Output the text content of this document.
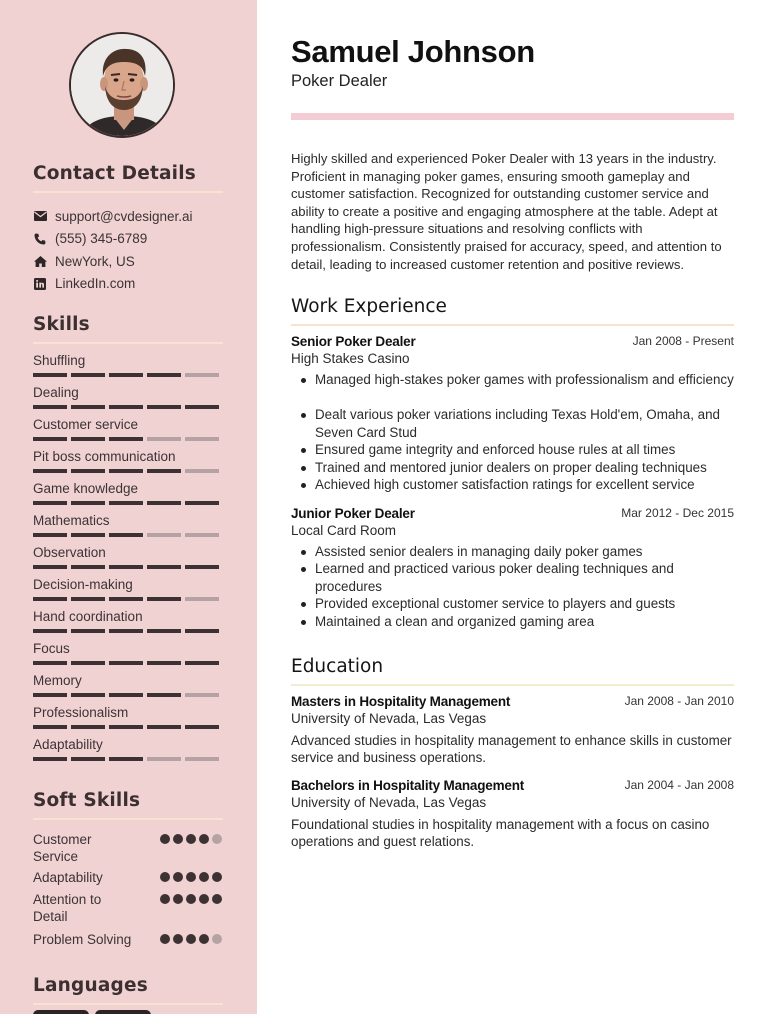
Contact Details
support@cvdesigner.ai
(555) 345-6789
NewYork, US
LinkedIn.com
Skills
Shuffling
Dealing
Customer service
Pit boss communication
Game knowledge
Mathematics
Observation
Decision-making
Hand coordination
Focus
Memory
Professionalism
Adaptability
Soft Skills
Customer Service
Adaptability
Attention to Detail
Problem Solving
Languages
Samuel Johnson
Poker Dealer
Highly skilled and experienced Poker Dealer with 13 years in the industry. Proficient in managing poker games, ensuring smooth gameplay and customer satisfaction. Recognized for outstanding customer service and ability to create a positive and engaging atmosphere at the table. Adept at handling high-pressure situations and resolving conflicts with professionalism. Consistently praised for accuracy, speed, and attention to detail, leading to increased customer retention and positive reviews.
Work Experience
Senior Poker Dealer	Jan 2008 - Present
High Stakes Casino
Managed high-stakes poker games with professionalism and efficiency
Dealt various poker variations including Texas Hold'em, Omaha, and Seven Card Stud
Ensured game integrity and enforced house rules at all times
Trained and mentored junior dealers on proper dealing techniques
Achieved high customer satisfaction ratings for excellent service
Junior Poker Dealer	Mar 2012 - Dec 2015
Local Card Room
Assisted senior dealers in managing daily poker games
Learned and practiced various poker dealing techniques and procedures
Provided exceptional customer service to players and guests
Maintained a clean and organized gaming area
Education
Masters in Hospitality Management	Jan 2008 - Jan 2010
University of Nevada, Las Vegas
Advanced studies in hospitality management to enhance skills in customer service and business operations.
Bachelors in Hospitality Management	Jan 2004 - Jan 2008
University of Nevada, Las Vegas
Foundational studies in hospitality management with a focus on casino operations and guest relations.
